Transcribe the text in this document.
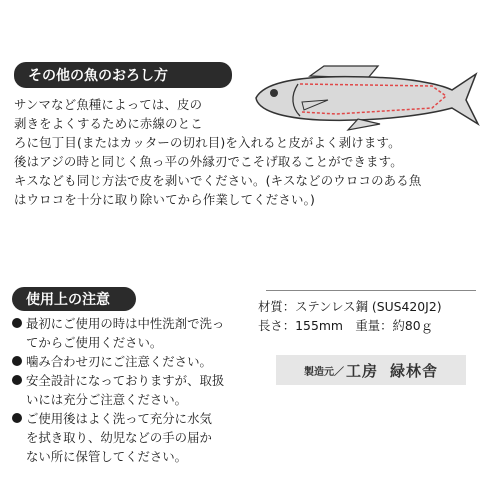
その他の魚のおろし方
サンマなど魚種によっては、皮の
剥きをよくするために赤線のとこ
ろに包丁目(またはカッターの切れ目)を入れると皮がよく剥けます。
後はアジの時と同じく魚っ平の外縁刃でこそげ取ることができます。
キスなども同じ方法で皮を剥いでください。(キスなどのウロコのある魚
はウロコを十分に取り除いてから作業してください。)
使用上の注意
最初にご使用の時は中性洗剤で洗っ
てからご使用ください。
噛み合わせ刃にご注意ください。
安全設計になっておりますが、取扱
いには充分ご注意ください。
ご使用後はよく洗って充分に水気
を拭き取り、幼児などの手の届か
ない所に保管してください。
材質：ステンレス鋼 (SUS420J2)
長さ：155mm　重量：約80ｇ
製造元／ 工房 緑林舎
